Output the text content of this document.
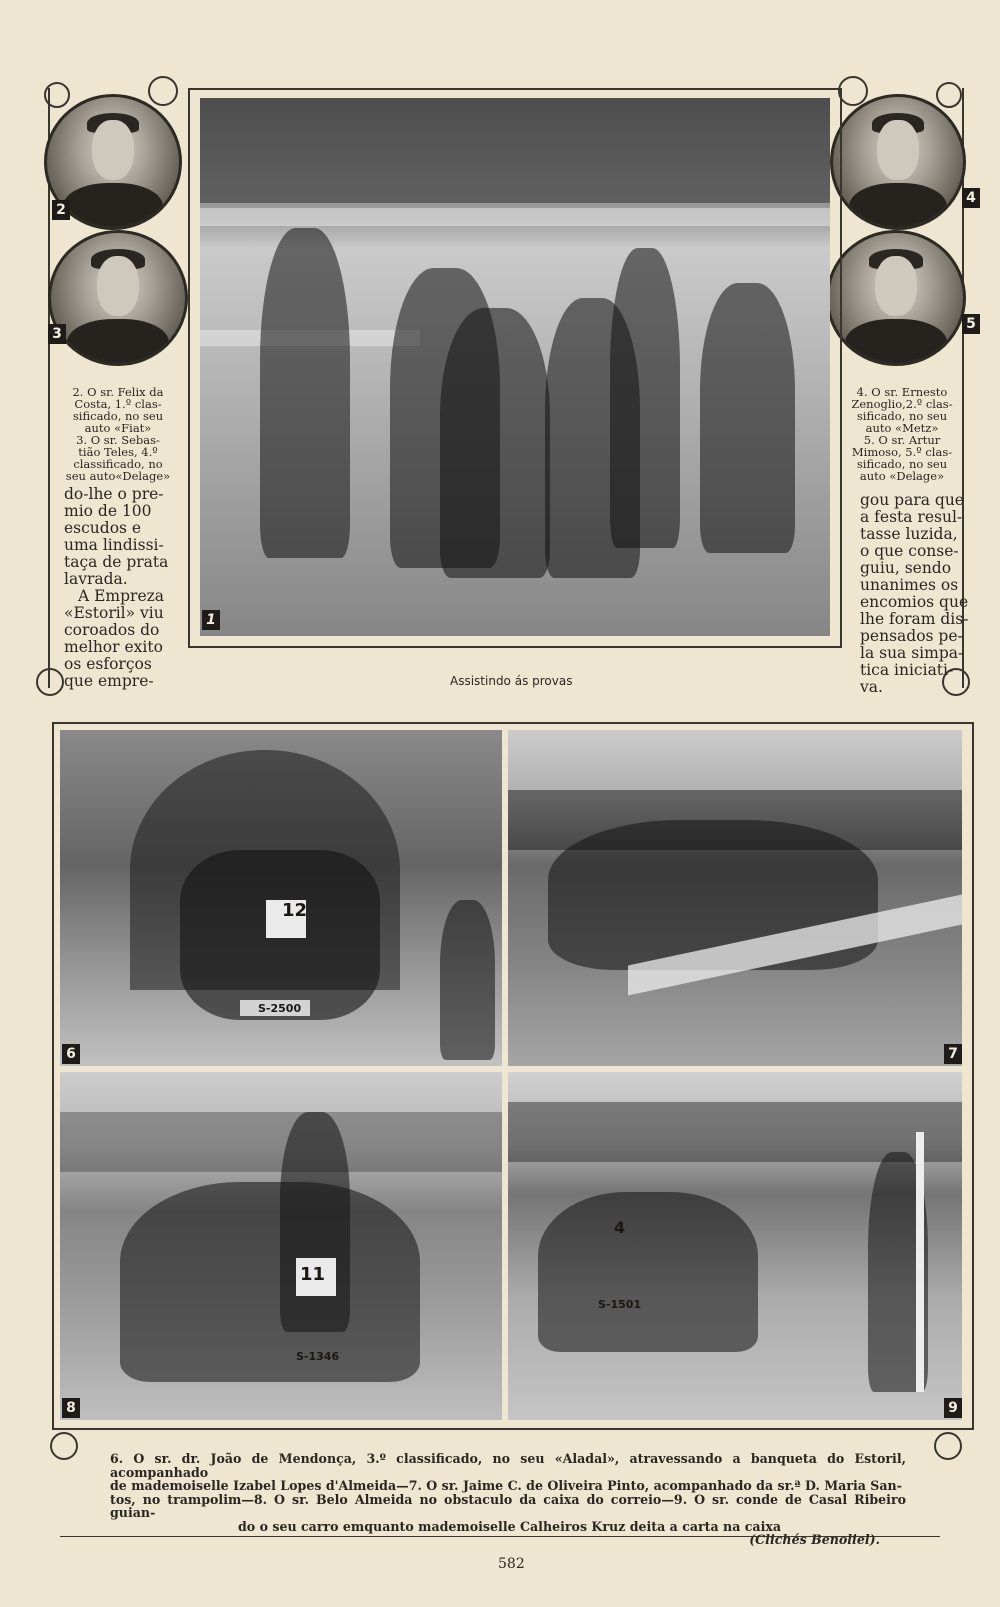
2
3
4
5
2. O sr. Felix da
Costa, 1.º clas-
sificado, no seu
auto «Fiat»
3. O sr. Sebas-
tião Teles, 4.º
classificado, no
seu auto«Delage»
4. O sr. Ernesto
Zenoglio,2.º clas-
sificado, no seu
auto «Metz»
5. O sr. Artur
Mimoso, 5.º clas-
sificado, no seu
auto «Delage»
do-lhe o pre-
mio de 100
escudos e
uma lindissi-
taça de prata
lavrada.
A Empreza
«Estoril» viu
coroados do
melhor exito
os esforços
que empre-
gou para que
a festa resul-
tasse luzida,
o que conse-
guiu, sendo
unanimes os
encomios que
lhe foram dis-
pensados pe-
la sua simpa-
tica iniciati-
va.
1
Assistindo ás provas
6
12
S-2500
7
8
11
S-1346
9
4
S-1501
6. O sr. dr. João de Mendonça, 3.º classificado, no seu «Aladal», atravessando a banqueta do Estoril, acompanhado
de mademoiselle Izabel Lopes d'Almeida—7. O sr. Jaime C. de Oliveira Pinto, acompanhado da sr.ª D. Maria San-
tos, no trampolim—8. O sr. Belo Almeida no obstaculo da caixa do correio—9. O sr. conde de Casal Ribeiro guian-
do o seu carro emquanto mademoiselle Calheiros Kruz deita a carta na caixa
(Clichés Benoliel).
582
